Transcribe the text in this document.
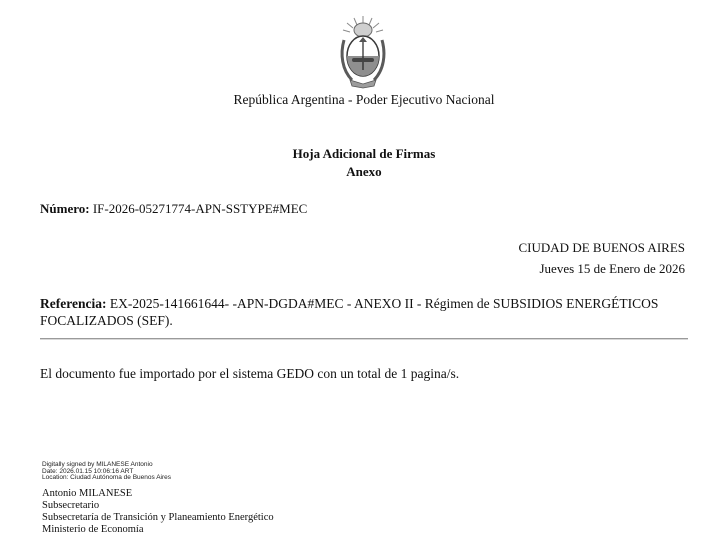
República Argentina - Poder Ejecutivo Nacional
Hoja Adicional de Firmas
Anexo
Número: IF-2026-05271774-APN-SSTYPE#MEC
CIUDAD DE BUENOS AIRES
Jueves 15 de Enero de 2026
Referencia: EX-2025-141661644- -APN-DGDA#MEC - ANEXO II - Régimen de SUBSIDIOS ENERGÉTICOS FOCALIZADOS (SEF).
El documento fue importado por el sistema GEDO con un total de 1 pagina/s.
Digitally signed by MILANESE Antonio
Date: 2026.01.15 10:06:16 ART
Location: Ciudad Autónoma de Buenos Aires
Antonio MILANESE
Subsecretario
Subsecretaría de Transición y Planeamiento Energético
Ministerio de Economía
